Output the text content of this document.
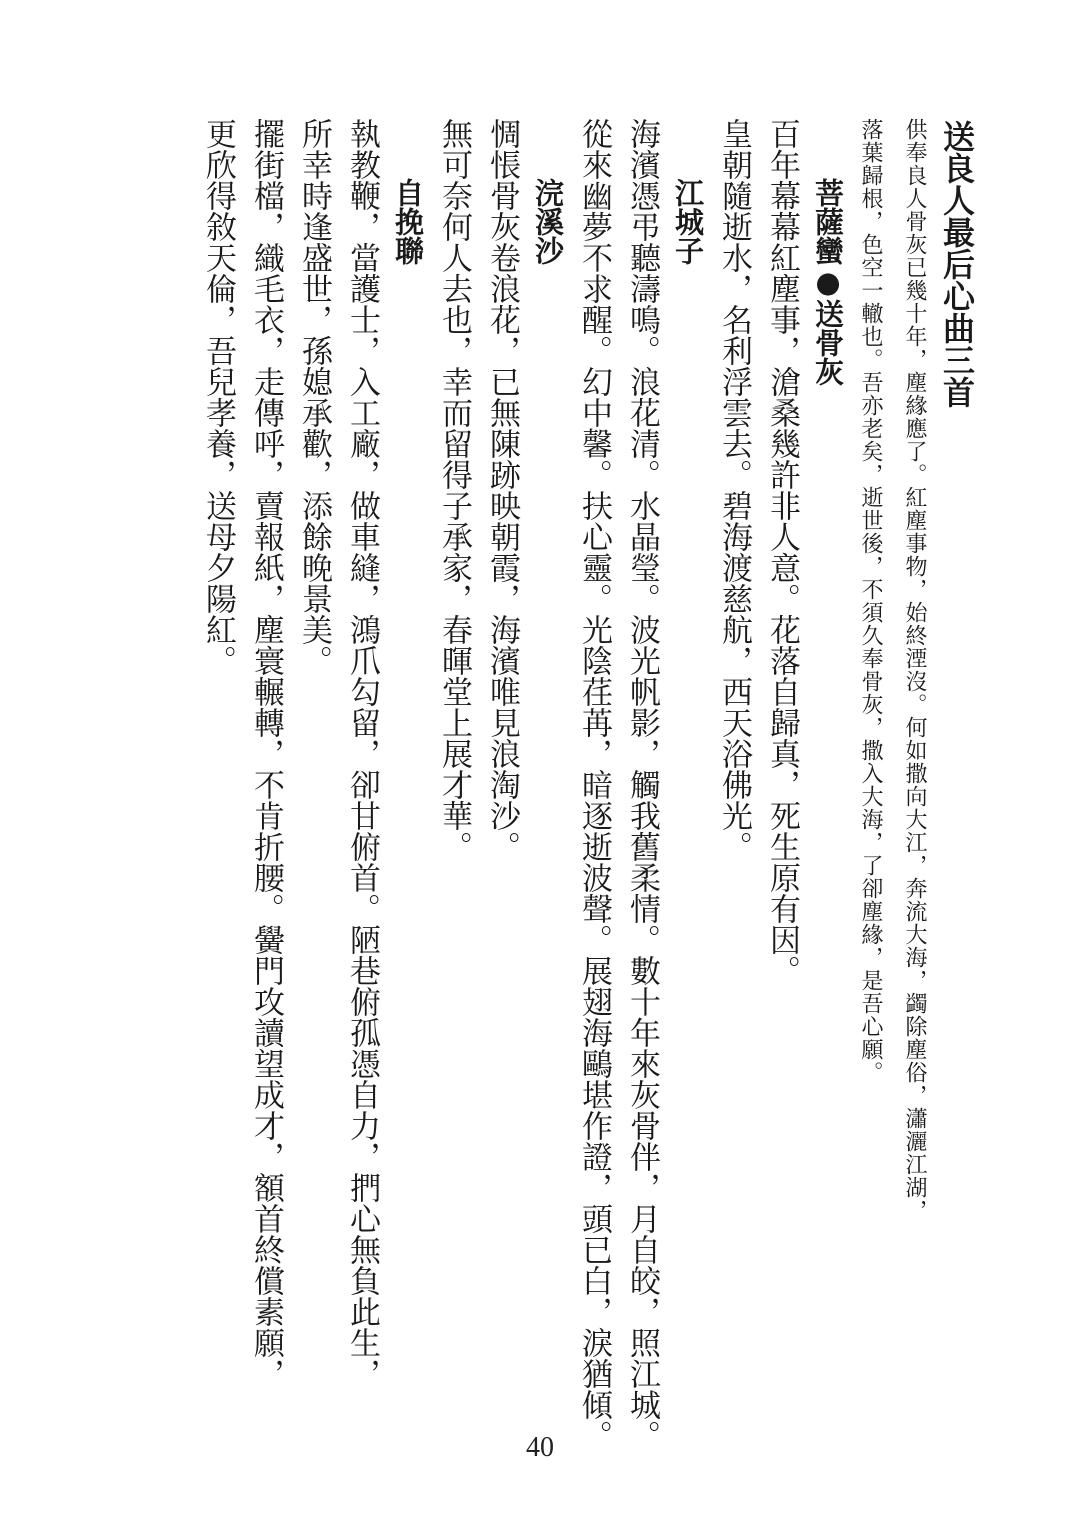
送良人最后心曲三首
供奉良人骨灰已幾十年，塵緣應了。紅塵事物，始終湮沒。何如撒向大江，奔流大海，蠲除塵俗，瀟灑江湖，
落葉歸根，色空一轍也。吾亦老矣，逝世後，不須久奉骨灰，撒入大海，了卻塵緣，是吾心願。
菩薩蠻●送骨灰
百年幕幕紅塵事，滄桑幾許非人意。花落自歸真，死生原有因。
皇朝隨逝水，名利浮雲去。碧海渡慈航，西天浴佛光。
江城子
海濱憑弔聽濤鳴。浪花清。水晶瑩。波光帆影，觸我舊柔情。數十年來灰骨伴，月自皎，照江城。
從來幽夢不求醒。幻中馨。扶心靈。光陰荏苒，暗逐逝波聲。展翅海鷗堪作證，頭已白，淚猶傾。
浣溪沙
惆悵骨灰卷浪花，已無陳跡映朝霞，海濱唯見浪淘沙。
無可奈何人去也，幸而留得子承家，春暉堂上展才華。
自挽聯
執教鞭，當護士，入工廠，做車縫，鴻爪勾留，卻甘俯首。陋巷俯孤憑自力，捫心無負此生，
所幸時逢盛世，孫媳承歡，添餘晚景美。
擺街檔，織毛衣，走傳呼，賣報紙，塵寰輾轉，不肯折腰。黌門攻讀望成才，額首終償素願，
更欣得敘天倫，吾兒孝養，送母夕陽紅。
40
